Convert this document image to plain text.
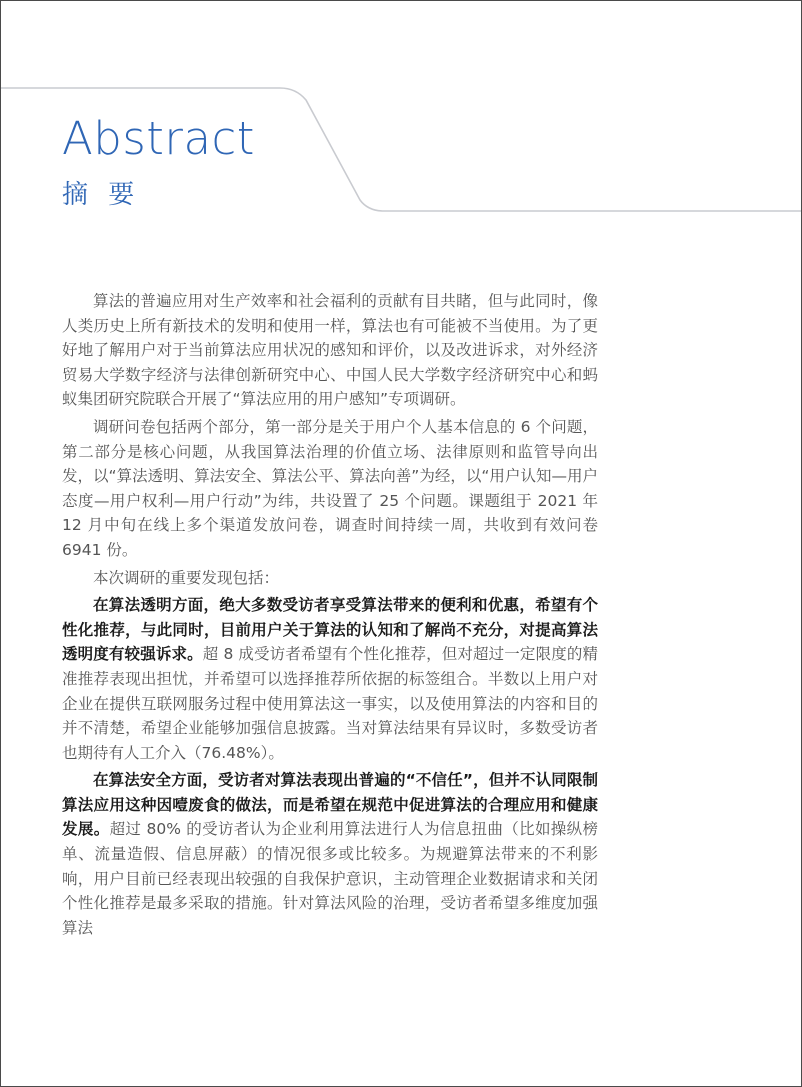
Abstract
摘 要

算法的普遍应用对生产效率和社会福利的贡献有目共睹，但与此同时，像人类历史上所有新技术的发明和使用一样，算法也有可能被不当使用。为了更好地了解用户对于当前算法应用状况的感知和评价，以及改进诉求，对外经济贸易大学数字经济与法律创新研究中心、中国人民大学数字经济研究中心和蚂蚁集团研究院联合开展了“算法应用的用户感知”专项调研。

调研问卷包括两个部分，第一部分是关于用户个人基本信息的 6 个问题，第二部分是核心问题，从我国算法治理的价值立场、法律原则和监管导向出发，以“算法透明、算法安全、算法公平、算法向善”为经，以“用户认知—用户态度—用户权利—用户行动”为纬，共设置了 25 个问题。课题组于 2021 年 12 月中旬在线上多个渠道发放问卷，调查时间持续一周，共收到有效问卷 6941 份。

本次调研的重要发现包括：

在算法透明方面，绝大多数受访者享受算法带来的便利和优惠，希望有个性化推荐，与此同时，目前用户关于算法的认知和了解尚不充分，对提高算法透明度有较强诉求。超 8 成受访者希望有个性化推荐，但对超过一定限度的精准推荐表现出担忧，并希望可以选择推荐所依据的标签组合。半数以上用户对企业在提供互联网服务过程中使用算法这一事实，以及使用算法的内容和目的并不清楚，希望企业能够加强信息披露。当对算法结果有异议时，多数受访者也期待有人工介入（76.48%）。

在算法安全方面，受访者对算法表现出普遍的“不信任”，但并不认同限制算法应用这种因噎废食的做法，而是希望在规范中促进算法的合理应用和健康发展。超过 80% 的受访者认为企业利用算法进行人为信息扭曲（比如操纵榜单、流量造假、信息屏蔽）的情况很多或比较多。为规避算法带来的不利影响，用户目前已经表现出较强的自我保护意识，主动管理企业数据请求和关闭个性化推荐是最多采取的措施。针对算法风险的治理，受访者希望多维度加强算法
